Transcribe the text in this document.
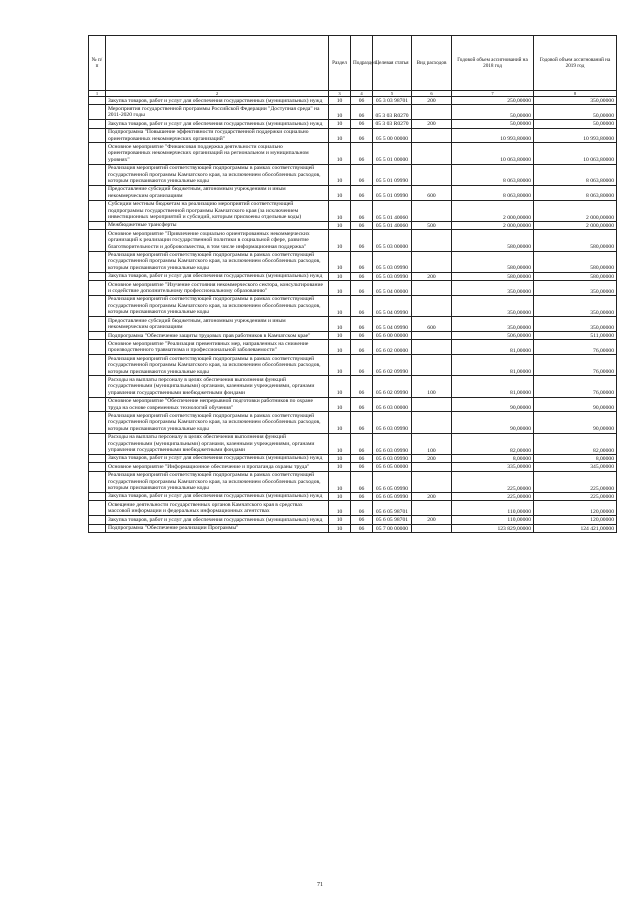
№ п/п		Раздел	Подраздел	Целевая статья	Вид расходов	Годовой объем ассигнований на 2018 год	Годовой объем ассигнований на 2019 год
1	2	3	4	5	6	7	8
	Закупка товаров, работ и услуг для обеспечения государственных (муниципальных) нужд	10	06	05 3 03 98701	200	250,00000	350,00000
	Мероприятия государственной программы Российской Федерации "Доступная среда" на 2011-2020 годы	10	06	05 3 03 R0270		50,00000	50,00000
	Закупка товаров, работ и услуг для обеспечения государственных (муниципальных) нужд	10	06	05 3 03 R0270	200	50,00000	50,00000
	Подпрограмма "Повышение эффективности государственной поддержки социально ориентированных некоммерческих организаций"	10	06	05 5 00 00000		10 993,80000	10 993,80000
	Основное мероприятие "Финансовая поддержка деятельности социально ориентированных некоммерческих организаций на региональном и муниципальном уровнях"	10	06	05 5 01 00000		10 063,80000	10 063,80000
	Реализация мероприятий соответствующей подпрограммы в рамках соответствующей государственной программы Камчатского края, за исключением обособленных расходов, которым присваиваются уникальные коды	10	06	05 5 01 09990		8 063,80000	8 063,80000
	Предоставление субсидий бюджетным, автономным учреждениям и иным некоммерческим организациям	10	06	05 5 01 09990	600	8 063,80000	8 063,80000
	Субсидии местным бюджетам на реализацию мероприятий соответствующей подпрограммы государственной программы Камчатского края (за исключением инвестиционных мероприятий и субсидий, которым присвоены отдельные коды)	10	06	05 5 01 40060		2 000,00000	2 000,00000
	Межбюджетные трансферты	10	06	05 5 01 40060	500	2 000,00000	2 000,00000
	Основное мероприятие "Привлечение социально ориентированных некоммерческих организаций к реализации государственной политики в социальной сфере, развитие благотворительности и добровольчества, в том числе информационная поддержка"	10	06	05 5 03 00000		580,00000	580,00000
	Реализация мероприятий соответствующей подпрограммы в рамках соответствующей государственной программы Камчатского края, за исключением обособленных расходов, которым присваиваются уникальные коды	10	06	05 5 03 09990		580,00000	580,00000
	Закупка товаров, работ и услуг для обеспечения государственных (муниципальных) нужд	10	06	05 5 03 09990	200	580,00000	580,00000
	Основное мероприятие "Изучение состояния некоммерческого сектора, консультирование и содействие дополнительному профессиональному образованию"	10	06	05 5 04 00000		350,00000	350,00000
	Реализация мероприятий соответствующей подпрограммы в рамках соответствующей государственной программы Камчатского края, за исключением обособленных расходов, которым присваиваются уникальные коды	10	06	05 5 04 09990		350,00000	350,00000
	Предоставление субсидий бюджетным, автономным учреждениям и иным некоммерческим организациям	10	06	05 5 04 09990	600	350,00000	350,00000
	Подпрограмма "Обеспечение защиты трудовых прав работников в Камчатском крае"	10	06	05 6 00 00000		506,00000	511,00000
	Основное мероприятие "Реализация превентивных мер, направленных на снижение производственного травматизма и профессиональной заболеваемости"	10	06	05 6 02 00000		81,00000	76,00000
	Реализация мероприятий соответствующей подпрограммы в рамках соответствующей государственной программы Камчатского края, за исключением обособленных расходов, которым присваиваются уникальные коды	10	06	05 6 02 09990		81,00000	76,00000
	Расходы на выплаты персоналу в целях обеспечения выполнения функций государственными (муниципальными) органами, казенными учреждениями, органами управления государственными внебюджетными фондами	10	06	05 6 02 09990	100	81,00000	76,00000
	Основное мероприятие "Обеспечение непрерывной подготовки работников по охране труда на основе современных технологий обучения"	10	06	05 6 03 00000		90,00000	90,00000
	Реализация мероприятий соответствующей подпрограммы в рамках соответствующей государственной программы Камчатского края, за исключением обособленных расходов, которым присваиваются уникальные коды	10	06	05 6 03 09990		90,00000	90,00000
	Расходы на выплаты персоналу в целях обеспечения выполнения функций государственными (муниципальными) органами, казенными учреждениями, органами управления государственными внебюджетными фондами	10	06	05 6 03 09990	100	82,00000	82,00000
	Закупка товаров, работ и услуг для обеспечения государственных (муниципальных) нужд	10	06	05 6 03 09990	200	8,00000	8,00000
	Основное мероприятие "Информационное обеспечение и пропаганда охраны труда"	10	06	05 6 05 00000		335,00000	345,00000
	Реализация мероприятий соответствующей подпрограммы в рамках соответствующей государственной программы Камчатского края, за исключением обособленных расходов, которым присваиваются уникальные коды	10	06	05 6 05 09990		225,00000	225,00000
	Закупка товаров, работ и услуг для обеспечения государственных (муниципальных) нужд	10	06	05 6 05 09990	200	225,00000	225,00000
	Освещение деятельности государственных органов Камчатского края в средствах массовой информации и федеральных информационных агентствах	10	06	05 6 05 98701		110,00000	120,00000
	Закупка товаров, работ и услуг для обеспечения государственных (муниципальных) нужд	10	06	05 6 05 98701	200	110,00000	120,00000
	Подпрограмма "Обеспечение реализации Программы"	10	06	05 7 00 00000		123 829,00000	124 421,00000
71
